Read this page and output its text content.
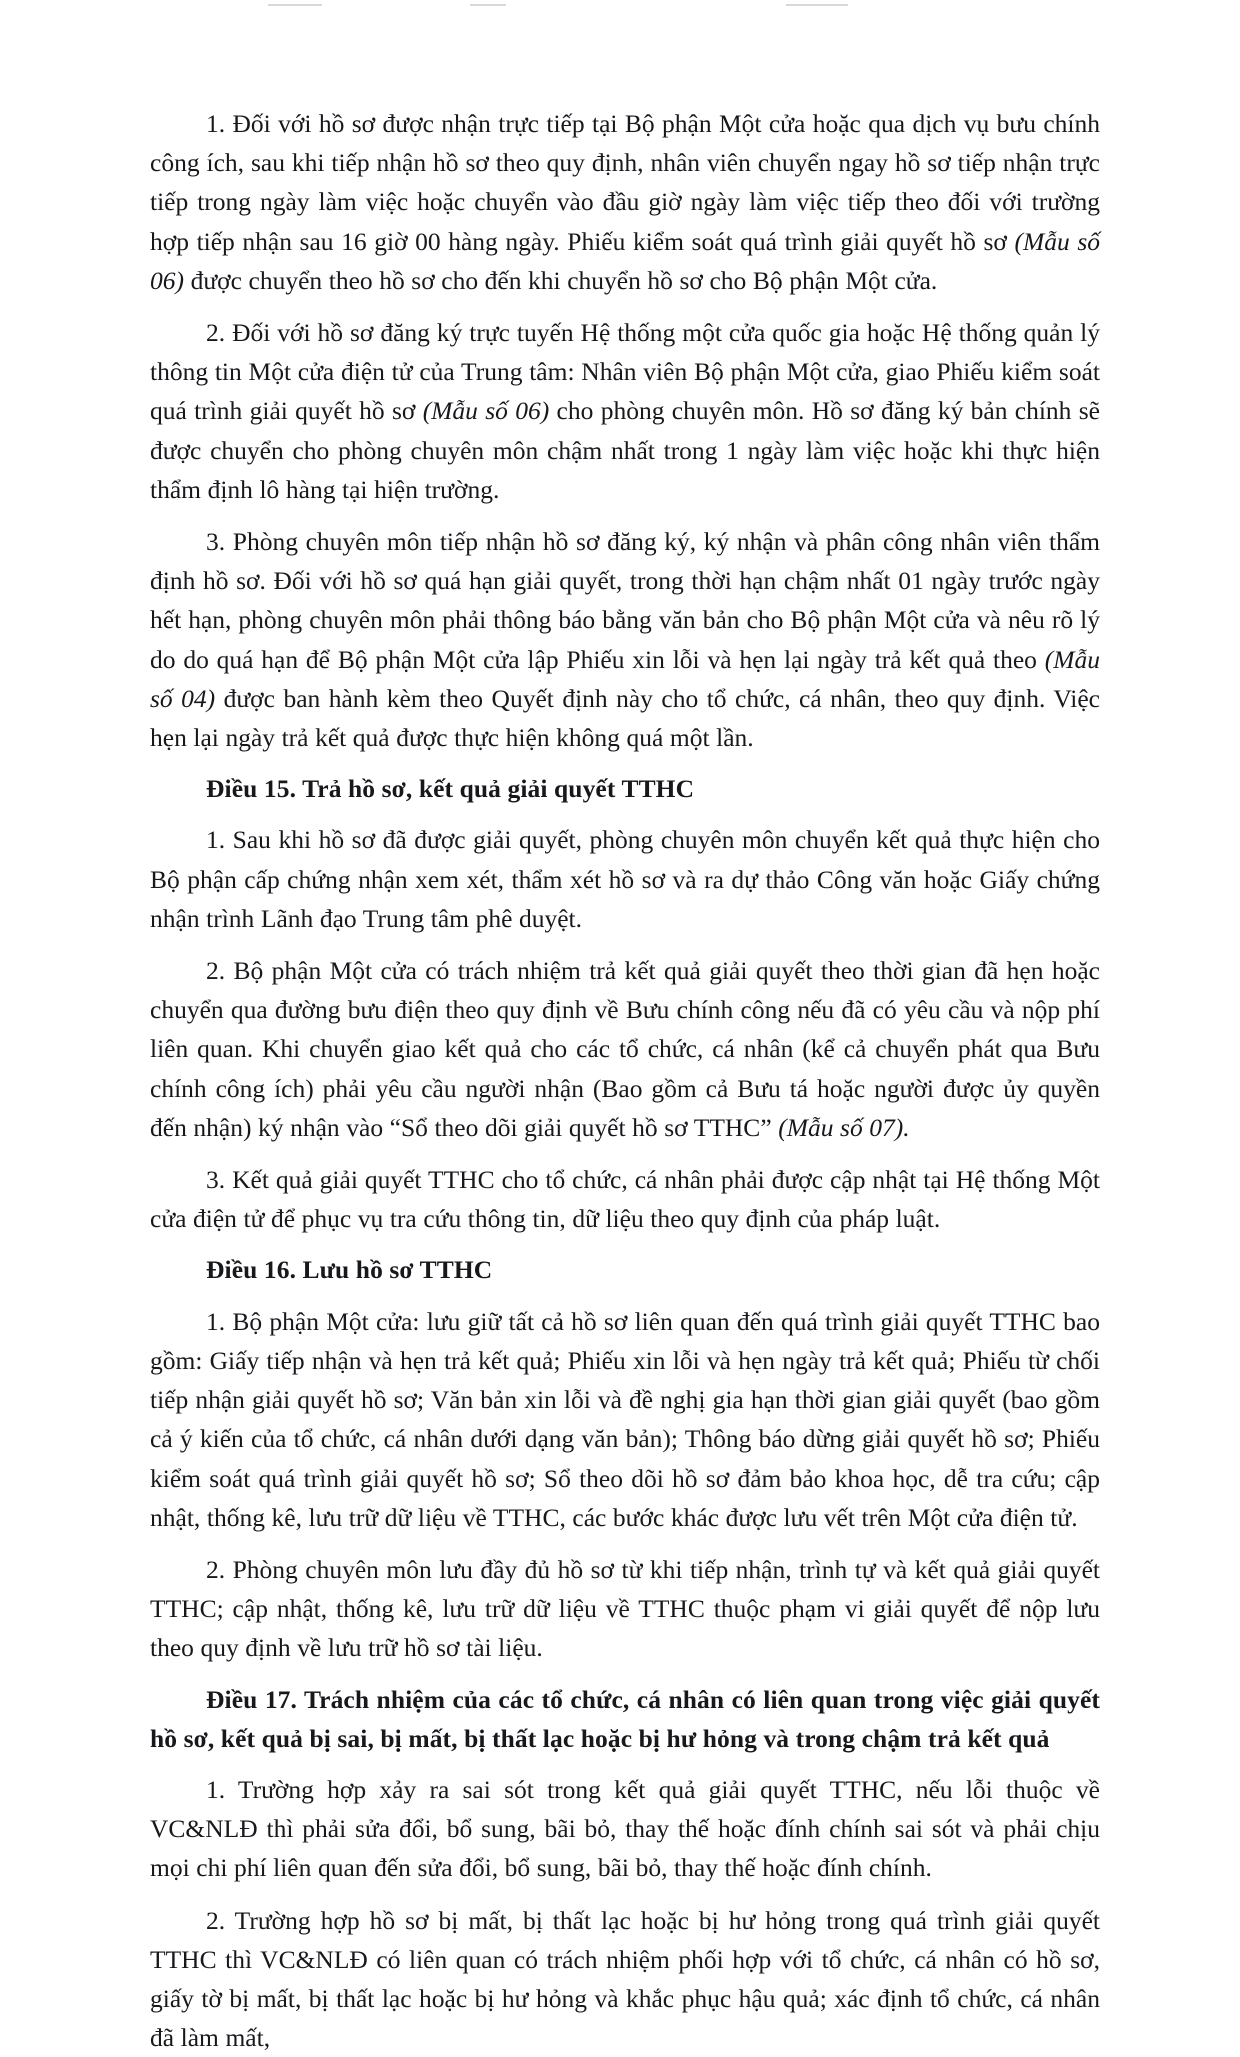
1. Đối với hồ sơ được nhận trực tiếp tại Bộ phận Một cửa hoặc qua dịch vụ bưu chính công ích, sau khi tiếp nhận hồ sơ theo quy định, nhân viên chuyển ngay hồ sơ tiếp nhận trực tiếp trong ngày làm việc hoặc chuyển vào đầu giờ ngày làm việc tiếp theo đối với trường hợp tiếp nhận sau 16 giờ 00 hàng ngày. Phiếu kiểm soát quá trình giải quyết hồ sơ (Mẫu số 06) được chuyển theo hồ sơ cho đến khi chuyển hồ sơ cho Bộ phận Một cửa.

2. Đối với hồ sơ đăng ký trực tuyến Hệ thống một cửa quốc gia hoặc Hệ thống quản lý thông tin Một cửa điện tử của Trung tâm: Nhân viên Bộ phận Một cửa, giao Phiếu kiểm soát quá trình giải quyết hồ sơ (Mẫu số 06) cho phòng chuyên môn. Hồ sơ đăng ký bản chính sẽ được chuyển cho phòng chuyên môn chậm nhất trong 1 ngày làm việc hoặc khi thực hiện thẩm định lô hàng tại hiện trường.

3. Phòng chuyên môn tiếp nhận hồ sơ đăng ký, ký nhận và phân công nhân viên thẩm định hồ sơ. Đối với hồ sơ quá hạn giải quyết, trong thời hạn chậm nhất 01 ngày trước ngày hết hạn, phòng chuyên môn phải thông báo bằng văn bản cho Bộ phận Một cửa và nêu rõ lý do do quá hạn để Bộ phận Một cửa lập Phiếu xin lỗi và hẹn lại ngày trả kết quả theo (Mẫu số 04) được ban hành kèm theo Quyết định này cho tổ chức, cá nhân, theo quy định. Việc hẹn lại ngày trả kết quả được thực hiện không quá một lần.

Điều 15. Trả hồ sơ, kết quả giải quyết TTHC

1. Sau khi hồ sơ đã được giải quyết, phòng chuyên môn chuyển kết quả thực hiện cho Bộ phận cấp chứng nhận xem xét, thẩm xét hồ sơ và ra dự thảo Công văn hoặc Giấy chứng nhận trình Lãnh đạo Trung tâm phê duyệt.

2. Bộ phận Một cửa có trách nhiệm trả kết quả giải quyết theo thời gian đã hẹn hoặc chuyển qua đường bưu điện theo quy định về Bưu chính công nếu đã có yêu cầu và nộp phí liên quan. Khi chuyển giao kết quả cho các tổ chức, cá nhân (kể cả chuyển phát qua Bưu chính công ích) phải yêu cầu người nhận (Bao gồm cả Bưu tá hoặc người được ủy quyền đến nhận) ký nhận vào “Sổ theo dõi giải quyết hồ sơ TTHC” (Mẫu số 07).

3. Kết quả giải quyết TTHC cho tổ chức, cá nhân phải được cập nhật tại Hệ thống Một cửa điện tử để phục vụ tra cứu thông tin, dữ liệu theo quy định của pháp luật.

Điều 16. Lưu hồ sơ TTHC

1. Bộ phận Một cửa: lưu giữ tất cả hồ sơ liên quan đến quá trình giải quyết TTHC bao gồm: Giấy tiếp nhận và hẹn trả kết quả; Phiếu xin lỗi và hẹn ngày trả kết quả; Phiếu từ chối tiếp nhận giải quyết hồ sơ; Văn bản xin lỗi và đề nghị gia hạn thời gian giải quyết (bao gồm cả ý kiến của tổ chức, cá nhân dưới dạng văn bản); Thông báo dừng giải quyết hồ sơ; Phiếu kiểm soát quá trình giải quyết hồ sơ; Sổ theo dõi hồ sơ đảm bảo khoa học, dễ tra cứu; cập nhật, thống kê, lưu trữ dữ liệu về TTHC, các bước khác được lưu vết trên Một cửa điện tử.

2. Phòng chuyên môn lưu đầy đủ hồ sơ từ khi tiếp nhận, trình tự và kết quả giải quyết TTHC; cập nhật, thống kê, lưu trữ dữ liệu về TTHC thuộc phạm vi giải quyết để nộp lưu theo quy định về lưu trữ hồ sơ tài liệu.

Điều 17. Trách nhiệm của các tổ chức, cá nhân có liên quan trong việc giải quyết hồ sơ, kết quả bị sai, bị mất, bị thất lạc hoặc bị hư hỏng và trong chậm trả kết quả

1. Trường hợp xảy ra sai sót trong kết quả giải quyết TTHC, nếu lỗi thuộc về VC&NLĐ thì phải sửa đổi, bổ sung, bãi bỏ, thay thế hoặc đính chính sai sót và phải chịu mọi chi phí liên quan đến sửa đổi, bổ sung, bãi bỏ, thay thế hoặc đính chính.

2. Trường hợp hồ sơ bị mất, bị thất lạc hoặc bị hư hỏng trong quá trình giải quyết TTHC thì VC&NLĐ có liên quan có trách nhiệm phối hợp với tổ chức, cá nhân có hồ sơ, giấy tờ bị mất, bị thất lạc hoặc bị hư hỏng và khắc phục hậu quả; xác định tổ chức, cá nhân đã làm mất,
